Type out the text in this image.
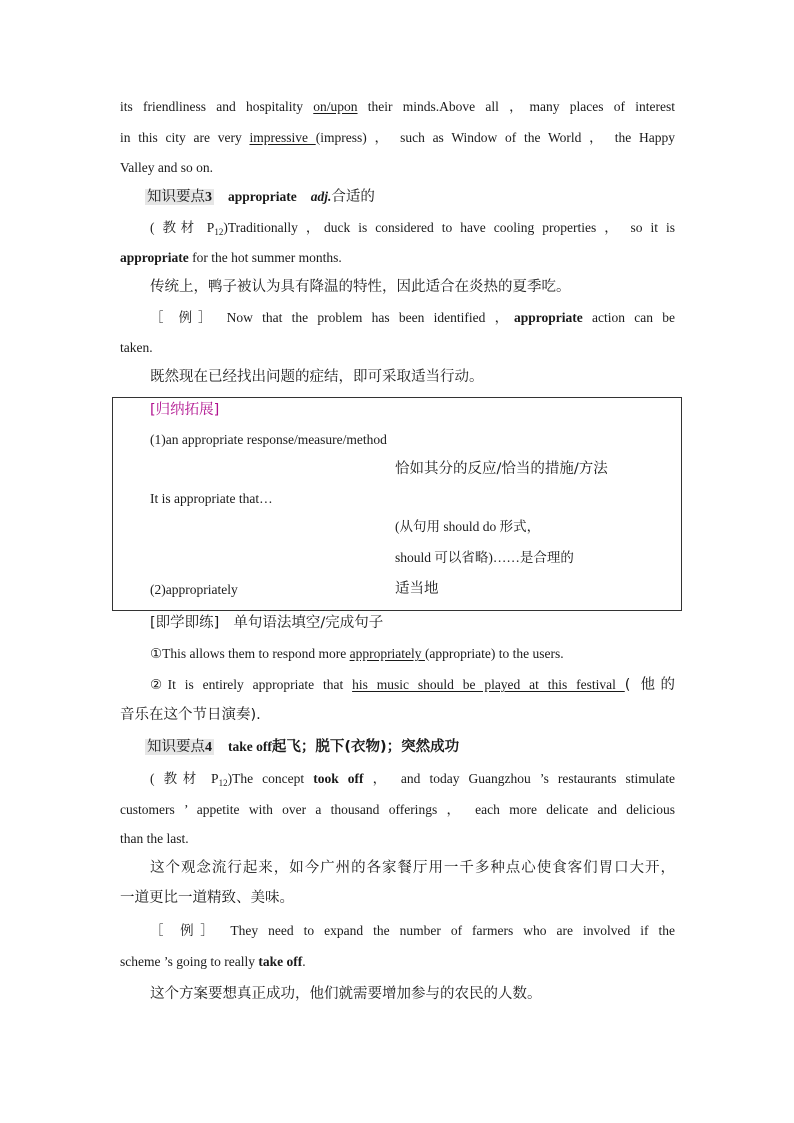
its friendliness and hospitality on/upon their minds.Above all ，many places of interest
in this city are very impressive (impress) ， such as Window of the World ， the Happy
Valley and so on.
知识要点3 appropriate adj.合适的
( 教材 $P_{12})Traditionally$ ，duck is considered to have cooling properties ， so it is
appropriate for the hot summer months.
传统上，鸭子被认为具有降温的特性，因此适合在炎热的夏季吃。
［ 例］ Now that the problem has been identified ，appropriate action can be
taken.
既然现在已经找出问题的症结，即可采取适当行动。
[归纳拓展]
(1)an appropriate response/measure/method
恰如其分的反应/恰当的措施/方法
It is appropriate that…
(从句用 should do 形式，
should 可以省略)……是合理的
(2)appropriately	适当地
[即学即练] 单句语法填空/完成句子
①This allows them to respond more appropriately (appropriate) to the users.
②It is entirely appropriate that his music should be played at this festival ( 他的
音乐在这个节日演奏).
知识要点4 take off起飞；脱下(衣物)；突然成功
( 教材 $P_{12})The$ concept took off ， and today Guangzhou ’s restaurants stimulate
customers ’ appetite with over a thousand offerings ， each more delicate and delicious
than the last.
这个观念流行起来，如今广州的各家餐厅用一千多种点心使食客们胃口大开，
一道更比一道精致、美味。
［ 例］ They need to expand the number of farmers who are involved if the
scheme ’s going to really take off.
这个方案要想真正成功，他们就需要增加参与的农民的人数。
